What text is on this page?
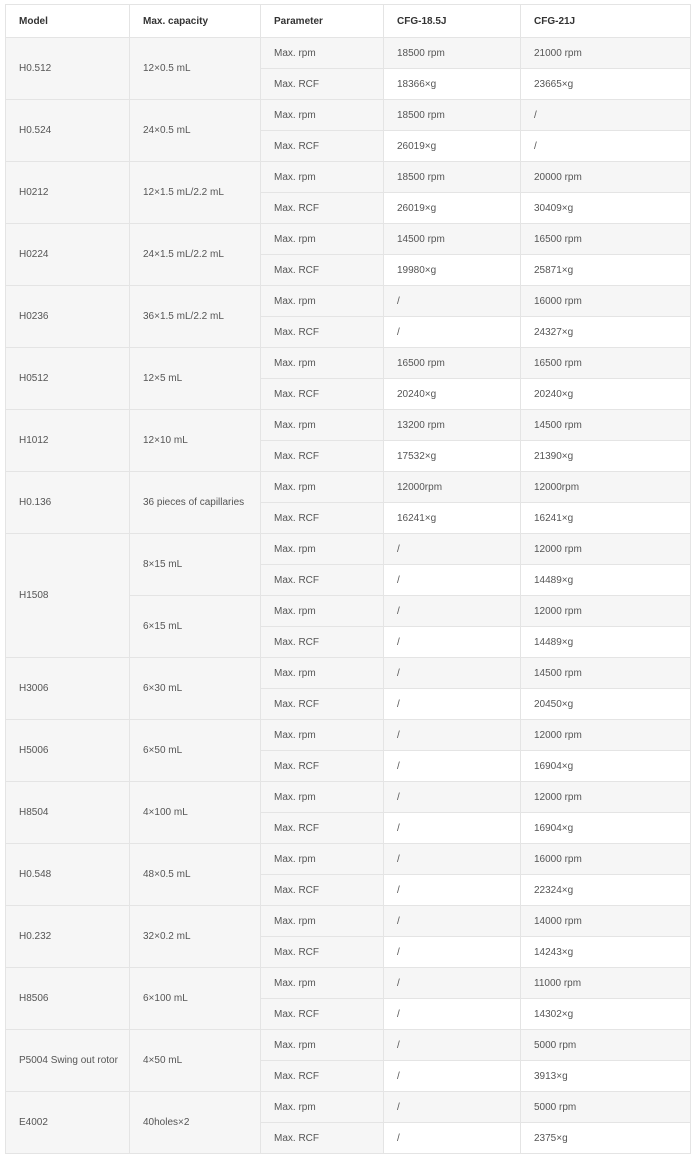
Model	Max. capacity	Parameter	CFG-18.5J	CFG-21J
H0.512	12×0.5 mL	Max. rpm	18500 rpm	21000 rpm
		Max. RCF	18366×g	23665×g
H0.524	24×0.5 mL	Max. rpm	18500 rpm	/
		Max. RCF	26019×g	/
H0212	12×1.5 mL/2.2 mL	Max. rpm	18500 rpm	20000 rpm
		Max. RCF	26019×g	30409×g
H0224	24×1.5 mL/2.2 mL	Max. rpm	14500 rpm	16500 rpm
		Max. RCF	19980×g	25871×g
H0236	36×1.5 mL/2.2 mL	Max. rpm	/	16000 rpm
		Max. RCF	/	24327×g
H0512	12×5 mL	Max. rpm	16500 rpm	16500 rpm
		Max. RCF	20240×g	20240×g
H1012	12×10 mL	Max. rpm	13200 rpm	14500 rpm
		Max. RCF	17532×g	21390×g
H0.136	36 pieces of capillaries	Max. rpm	12000rpm	12000rpm
		Max. RCF	16241×g	16241×g
H1508	8×15 mL	Max. rpm	/	12000 rpm
		Max. RCF	/	14489×g
	6×15 mL	Max. rpm	/	12000 rpm
		Max. RCF	/	14489×g
H3006	6×30 mL	Max. rpm	/	14500 rpm
		Max. RCF	/	20450×g
H5006	6×50 mL	Max. rpm	/	12000 rpm
		Max. RCF	/	16904×g
H8504	4×100 mL	Max. rpm	/	12000 rpm
		Max. RCF	/	16904×g
H0.548	48×0.5 mL	Max. rpm	/	16000 rpm
		Max. RCF	/	22324×g
H0.232	32×0.2 mL	Max. rpm	/	14000 rpm
		Max. RCF	/	14243×g
H8506	6×100 mL	Max. rpm	/	11000 rpm
		Max. RCF	/	14302×g
P5004 Swing out rotor	4×50 mL	Max. rpm	/	5000 rpm
		Max. RCF	/	3913×g
E4002	40holes×2	Max. rpm	/	5000 rpm
		Max. RCF	/	2375×g
